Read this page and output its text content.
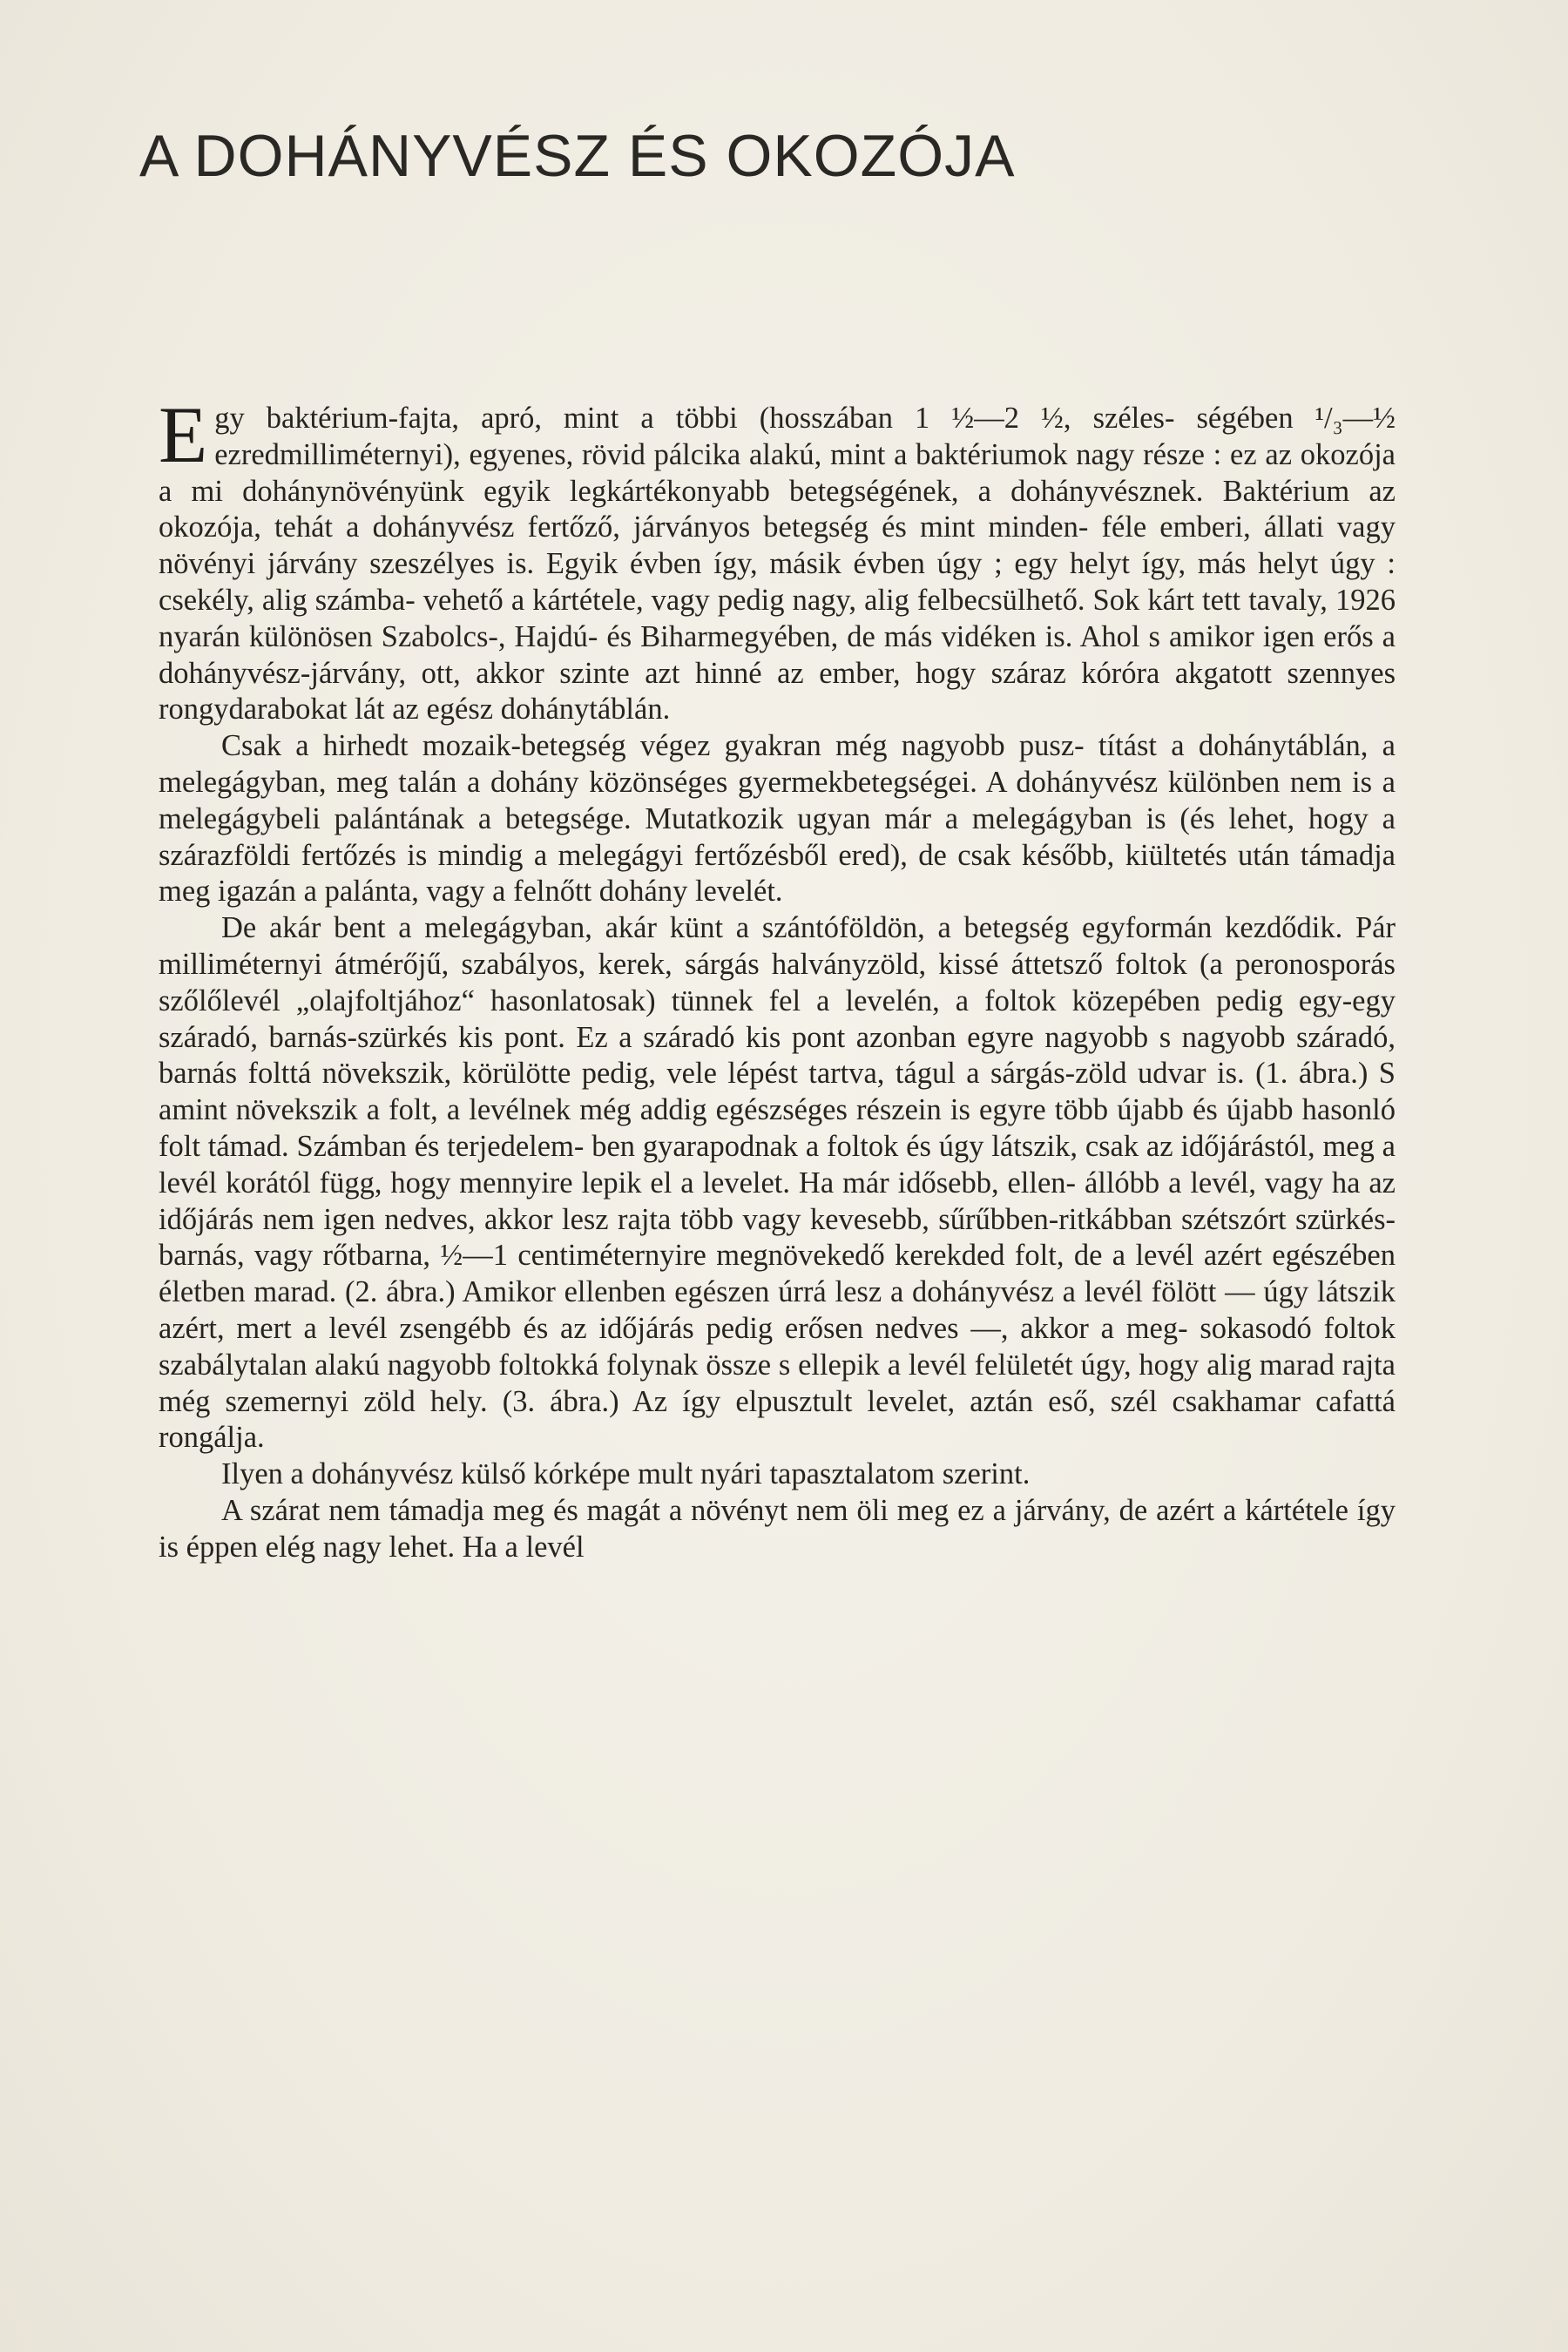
A DOHÁNYVÉSZ ÉS OKOZÓJA

Egy baktérium-fajta, apró, mint a többi (hosszában 1 ½—2 ½, széles- ségében ¹/₃—½ ezredmilliméternyi), egyenes, rövid pálcika alakú, mint a baktériumok nagy része : ez az okozója a mi dohánynövényünk egyik legkártékonyabb betegségének, a dohányvésznek. Baktérium az okozója, tehát a dohányvész fertőző, járványos betegség és mint minden- féle emberi, állati vagy növényi járvány szeszélyes is. Egyik évben így, másik évben úgy ; egy helyt így, más helyt úgy : csekély, alig számba- vehető a kártétele, vagy pedig nagy, alig felbecsülhető. Sok kárt tett tavaly, 1926 nyarán különösen Szabolcs-, Hajdú- és Biharmegyében, de más vidéken is. Ahol s amikor igen erős a dohányvész-járvány, ott, akkor szinte azt hinné az ember, hogy száraz kóróra akgatott szennyes rongydarabokat lát az egész dohánytáblán.

Csak a hirhedt mozaik-betegség végez gyakran még nagyobb pusz- títást a dohánytáblán, a melegágyban, meg talán a dohány közönséges gyermekbetegségei. A dohányvész különben nem is a melegágybeli palántának a betegsége. Mutatkozik ugyan már a melegágyban is (és lehet, hogy a szárazföldi fertőzés is mindig a melegágyi fertőzésből ered), de csak később, kiültetés után támadja meg igazán a palánta, vagy a felnőtt dohány levelét.

De akár bent a melegágyban, akár künt a szántóföldön, a betegség egyformán kezdődik. Pár milliméternyi átmérőjű, szabályos, kerek, sárgás halványzöld, kissé áttetsző foltok (a peronosporás szőlőlevél „olajfoltjához“ hasonlatosak) tünnek fel a levelén, a foltok közepében pedig egy-egy száradó, barnás-szürkés kis pont. Ez a száradó kis pont azonban egyre nagyobb s nagyobb száradó, barnás folttá növekszik, körülötte pedig, vele lépést tartva, tágul a sárgás-zöld udvar is. (1. ábra.) S amint növekszik a folt, a levélnek még addig egészséges részein is egyre több újabb és újabb hasonló folt támad. Számban és terjedelem- ben gyarapodnak a foltok és úgy látszik, csak az időjárástól, meg a levél korától függ, hogy mennyire lepik el a levelet. Ha már idősebb, ellen- állóbb a levél, vagy ha az időjárás nem igen nedves, akkor lesz rajta több vagy kevesebb, sűrűbben-ritkábban szétszórt szürkés-barnás, vagy rőtbarna, ½—1 centiméternyire megnövekedő kerekded folt, de a levél azért egészében életben marad. (2. ábra.) Amikor ellenben egészen úrrá lesz a dohányvész a levél fölött — úgy látszik azért, mert a levél zsengébb és az időjárás pedig erősen nedves —, akkor a meg- sokasodó foltok szabálytalan alakú nagyobb foltokká folynak össze s ellepik a levél felületét úgy, hogy alig marad rajta még szemernyi zöld hely. (3. ábra.) Az így elpusztult levelet, aztán eső, szél csakhamar cafattá rongálja.

Ilyen a dohányvész külső kórképe mult nyári tapasztalatom szerint.

A szárat nem támadja meg és magát a növényt nem öli meg ez a járvány, de azért a kártétele így is éppen elég nagy lehet. Ha a levél
